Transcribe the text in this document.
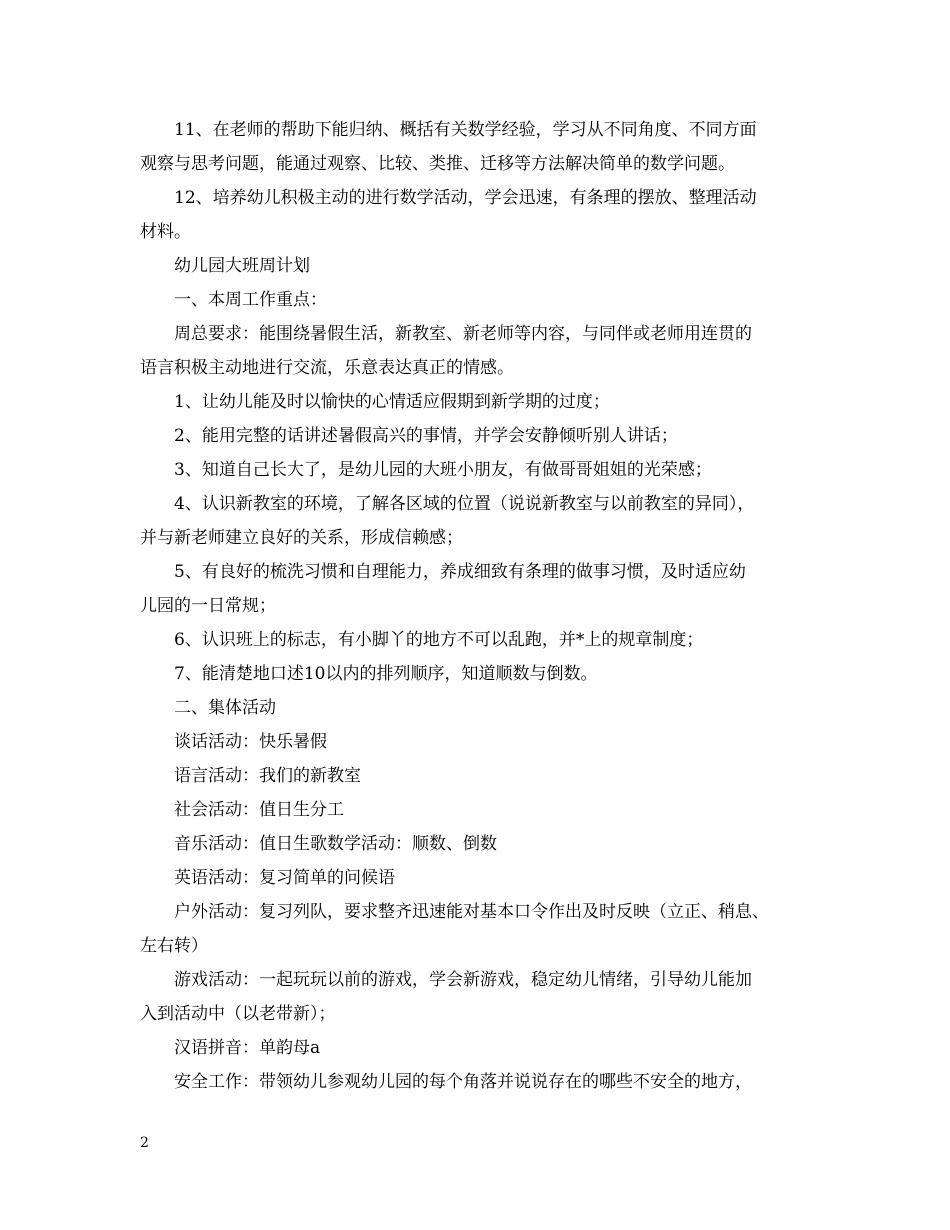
11、在老师的帮助下能归纳、概括有关数学经验，学习从不同角度、不同方面

观察与思考问题，能通过观察、比较、类推、迁移等方法解决简单的数学问题。

12、培养幼儿积极主动的进行数学活动，学会迅速，有条理的摆放、整理活动

材料。

幼儿园大班周计划

一、本周工作重点：

周总要求：能围绕暑假生活，新教室、新老师等内容，与同伴或老师用连贯的

语言积极主动地进行交流，乐意表达真正的情感。

1、让幼儿能及时以愉快的心情适应假期到新学期的过度；

2、能用完整的话讲述暑假高兴的事情，并学会安静倾听别人讲话；

3、知道自己长大了，是幼儿园的大班小朋友，有做哥哥姐姐的光荣感；

4、认识新教室的环境，了解各区域的位置（说说新教室与以前教室的异同），

并与新老师建立良好的关系，形成信赖感；

5、有良好的梳洗习惯和自理能力，养成细致有条理的做事习惯，及时适应幼

儿园的一日常规；

6、认识班上的标志，有小脚丫的地方不可以乱跑，并*上的规章制度；

7、能清楚地口述10以内的排列顺序，知道顺数与倒数。

二、集体活动

谈话活动：快乐暑假

语言活动：我们的新教室

社会活动：值日生分工

音乐活动：值日生歌数学活动：顺数、倒数

英语活动：复习简单的问候语

户外活动：复习列队，要求整齐迅速能对基本口令作出及时反映（立正、稍息、

左右转）

游戏活动：一起玩玩以前的游戏，学会新游戏，稳定幼儿情绪，引导幼儿能加

入到活动中（以老带新）；

汉语拼音：单韵母a

安全工作：带领幼儿参观幼儿园的每个角落并说说存在的哪些不安全的地方，

2
